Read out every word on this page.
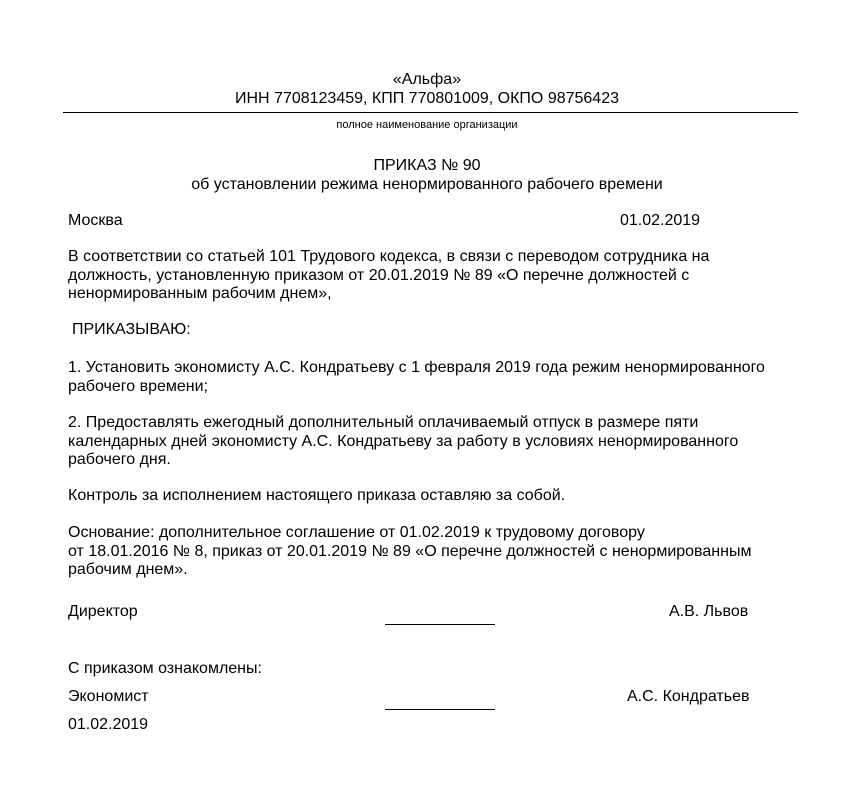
«Альфа»
ИНН 7708123459, КПП 770801009, ОКПО 98756423
полное наименование организации
ПРИКАЗ № 90
об установлении режима ненормированного рабочего времени
Москва	01.02.2019
В соответствии со статьей 101 Трудового кодекса, в связи с переводом сотрудника на
должность, установленную приказом от 20.01.2019 № 89 «О перечне должностей с
ненормированным рабочим днем»,
ПРИКАЗЫВАЮ:
1. Установить экономисту А.С. Кондратьеву с 1 февраля 2019 года режим ненормированного
рабочего времени;
2. Предоставлять ежегодный дополнительный оплачиваемый отпуск в размере пяти
календарных дней экономисту А.С. Кондратьеву за работу в условиях ненормированного
рабочего дня.
Контроль за исполнением настоящего приказа оставляю за собой.
Основание: дополнительное соглашение от 01.02.2019 к трудовому договору
от 18.01.2016 № 8, приказ от 20.01.2019 № 89 «О перечне должностей с ненормированным
рабочим днем».
Директор	А.В. Львов
С приказом ознакомлены:
Экономист	А.С. Кондратьев
01.02.2019
